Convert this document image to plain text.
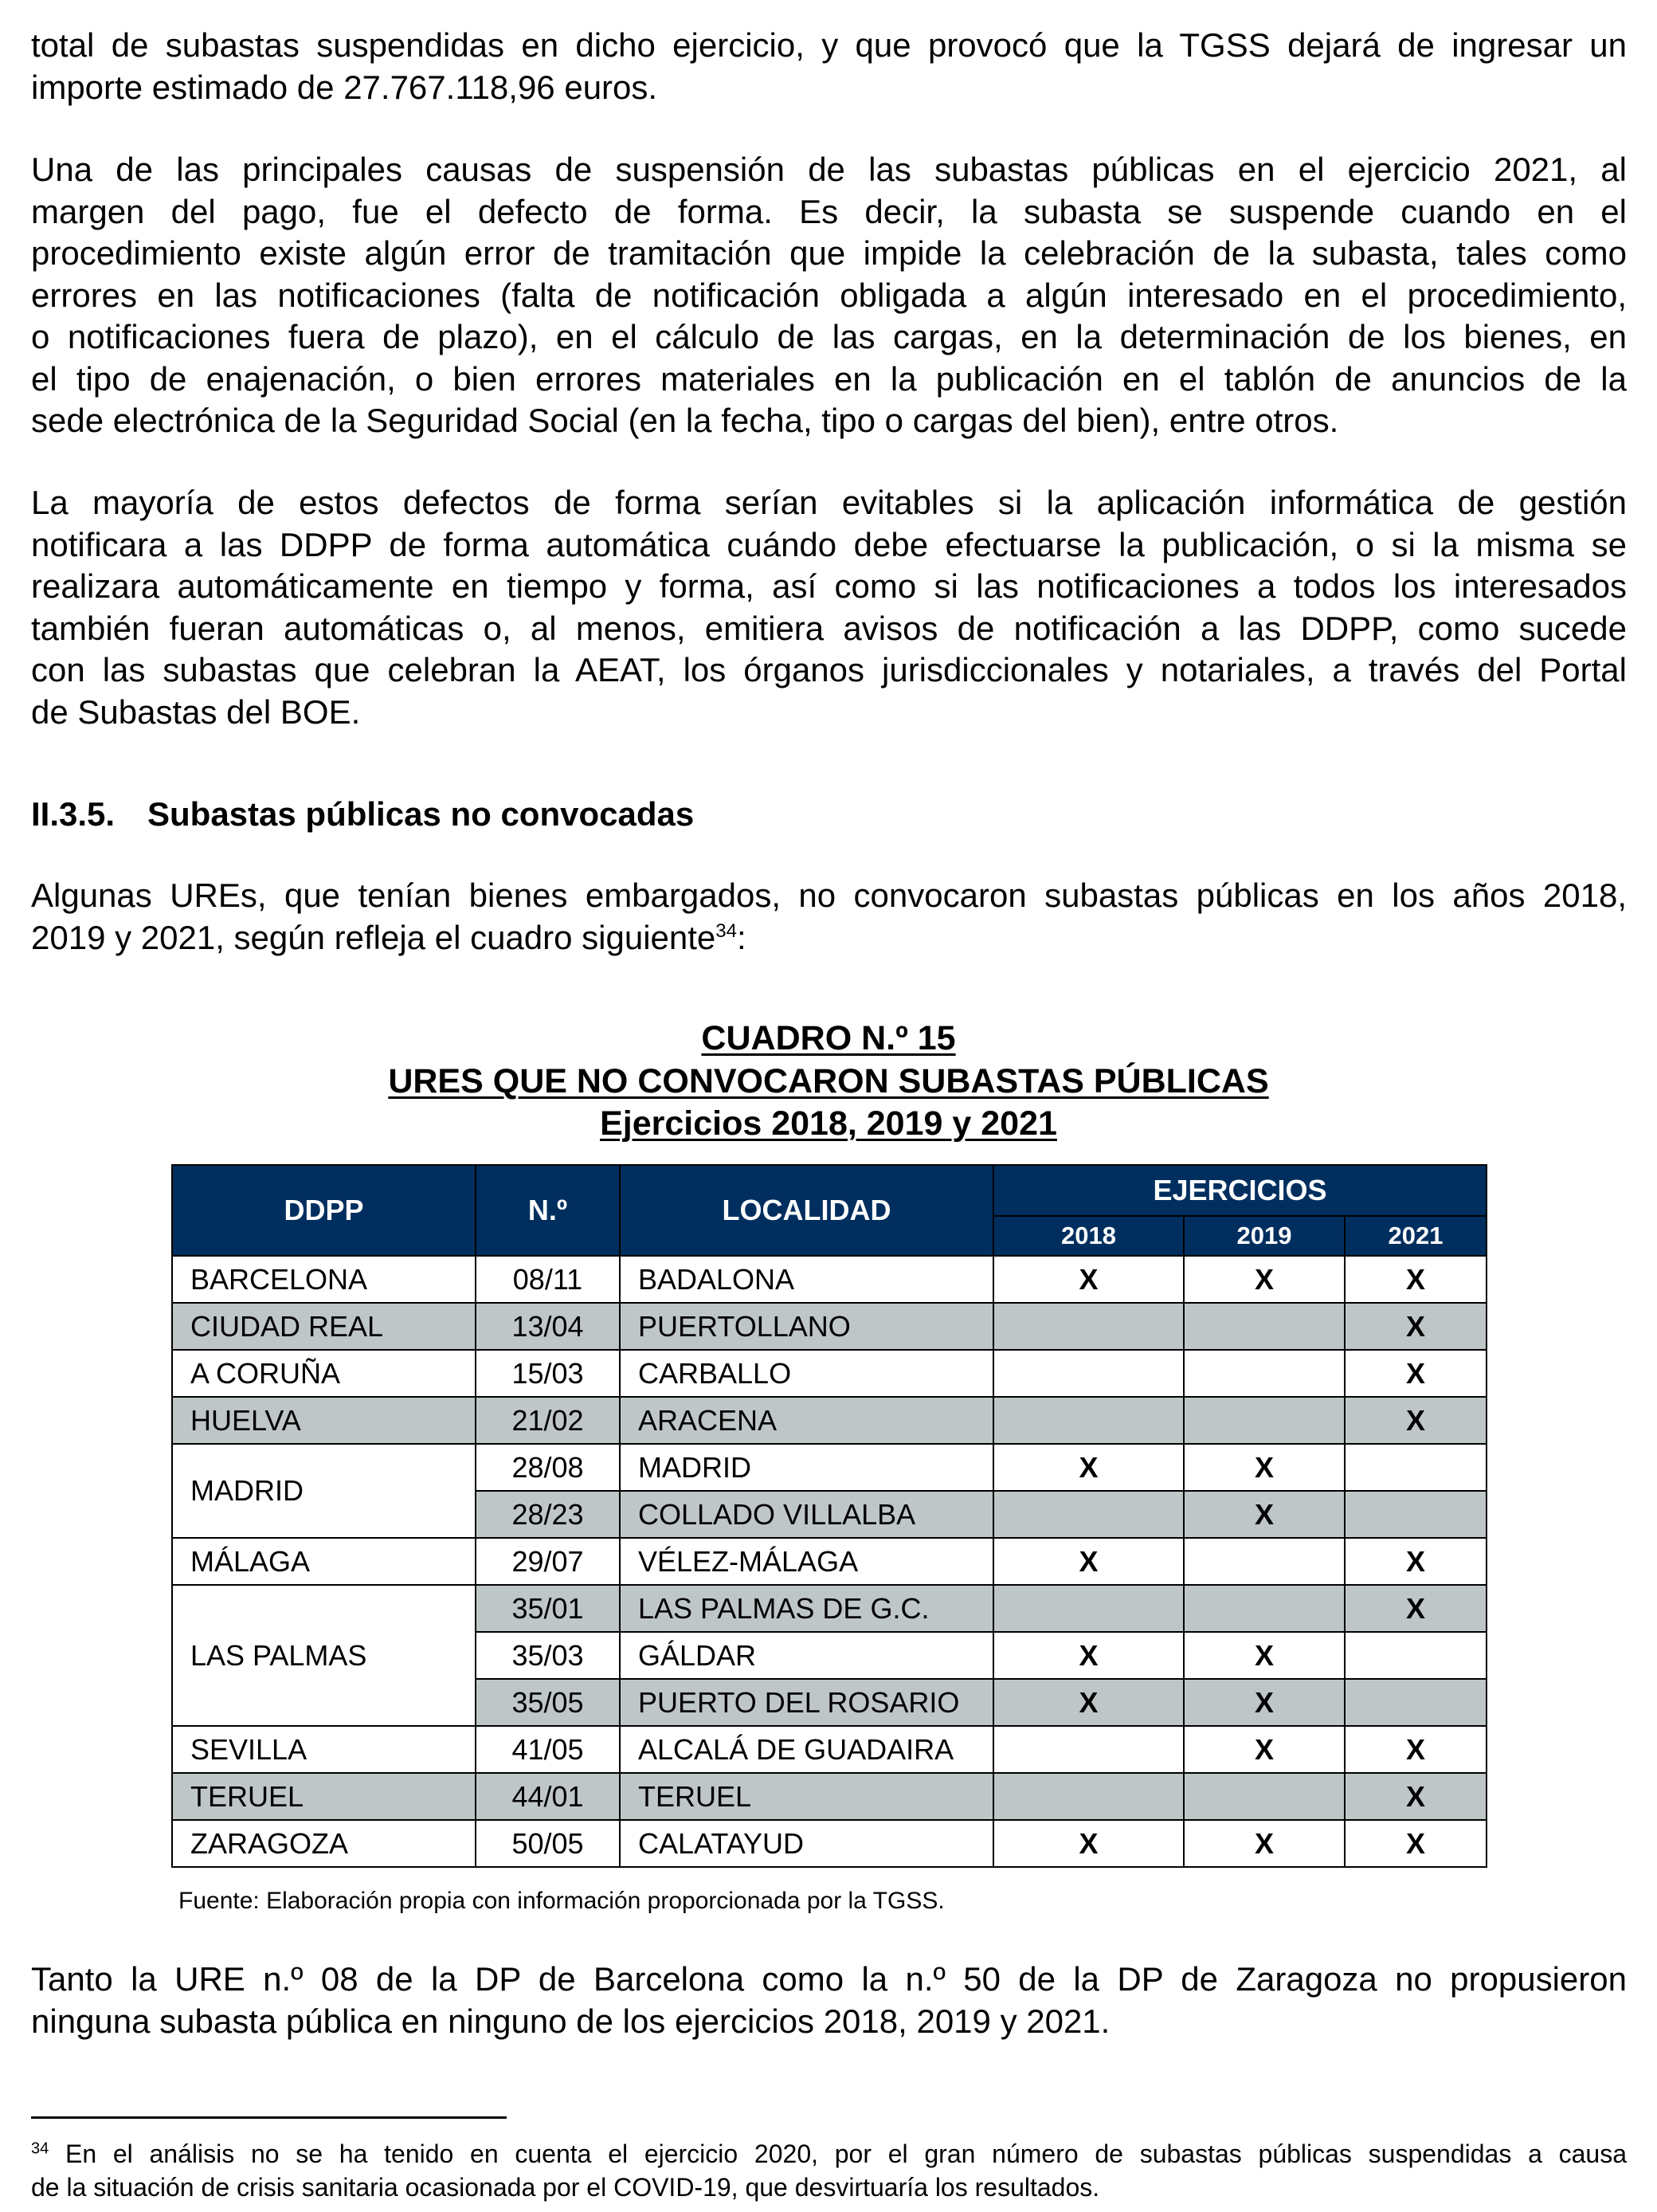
total de subastas suspendidas en dicho ejercicio, y que provocó que la TGSS dejará de ingresar un
importe estimado de 27.767.118,96 euros.
Una de las principales causas de suspensión de las subastas públicas en el ejercicio 2021, al
margen del pago, fue el defecto de forma. Es decir, la subasta se suspende cuando en el
procedimiento existe algún error de tramitación que impide la celebración de la subasta, tales como
errores en las notificaciones (falta de notificación obligada a algún interesado en el procedimiento,
o notificaciones fuera de plazo), en el cálculo de las cargas, en la determinación de los bienes, en
el tipo de enajenación, o bien errores materiales en la publicación en el tablón de anuncios de la
sede electrónica de la Seguridad Social (en la fecha, tipo o cargas del bien), entre otros.
La mayoría de estos defectos de forma serían evitables si la aplicación informática de gestión
notificara a las DDPP de forma automática cuándo debe efectuarse la publicación, o si la misma se
realizara automáticamente en tiempo y forma, así como si las notificaciones a todos los interesados
también fueran automáticas o, al menos, emitiera avisos de notificación a las DDPP, como sucede
con las subastas que celebran la AEAT, los órganos jurisdiccionales y notariales, a través del Portal
de Subastas del BOE.
II.3.5. Subastas públicas no convocadas
Algunas UREs, que tenían bienes embargados, no convocaron subastas públicas en los años 2018,
2019 y 2021, según refleja el cuadro siguiente$^{34}$:
CUADRO N.º 15
URES QUE NO CONVOCARON SUBASTAS PÚBLICAS
Ejercicios 2018, 2019 y 2021
DDPP	N.º	LOCALIDAD	EJERCICIOS		
			2018	2019	2021
BARCELONA	08/11	BADALONA	X	X	X
CIUDAD REAL	13/04	PUERTOLLANO			X
A CORUÑA	15/03	CARBALLO			X
HUELVA	21/02	ARACENA			X
MADRID	28/08	MADRID	X	X	
	28/23	COLLADO VILLALBA		X	
MÁLAGA	29/07	VÉLEZ-MÁLAGA	X		X
LAS PALMAS	35/01	LAS PALMAS DE G.C.			X
	35/03	GÁLDAR	X	X	
	35/05	PUERTO DEL ROSARIO	X	X	
SEVILLA	41/05	ALCALÁ DE GUADAIRA		X	X
TERUEL	44/01	TERUEL			X
ZARAGOZA	50/05	CALATAYUD	X	X	X
Fuente: Elaboración propia con información proporcionada por la TGSS.
Tanto la URE n.º 08 de la DP de Barcelona como la n.º 50 de la DP de Zaragoza no propusieron
ninguna subasta pública en ninguno de los ejercicios 2018, 2019 y 2021.
$^{34}$ En el análisis no se ha tenido en cuenta el ejercicio 2020, por el gran número de subastas públicas suspendidas a causa
de la situación de crisis sanitaria ocasionada por el COVID-19, que desvirtuaría los resultados.
